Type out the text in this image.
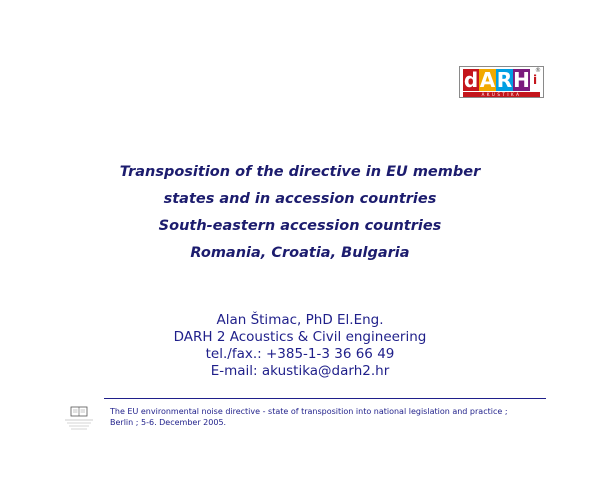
d A R H i
®
AKUSTIKA
Transposition of the directive in EU member
states and in accession countries
South-eastern accession countries
Romania, Croatia, Bulgaria
Alan Štimac, PhD El.Eng.
DARH 2 Acoustics & Civil engineering
tel./fax.: +385-1-3 36 66 49
E-mail: akustika@darh2.hr
The EU environmental noise directive - state of transposition into national legislation and practice ;
Berlin ; 5-6. December 2005.
